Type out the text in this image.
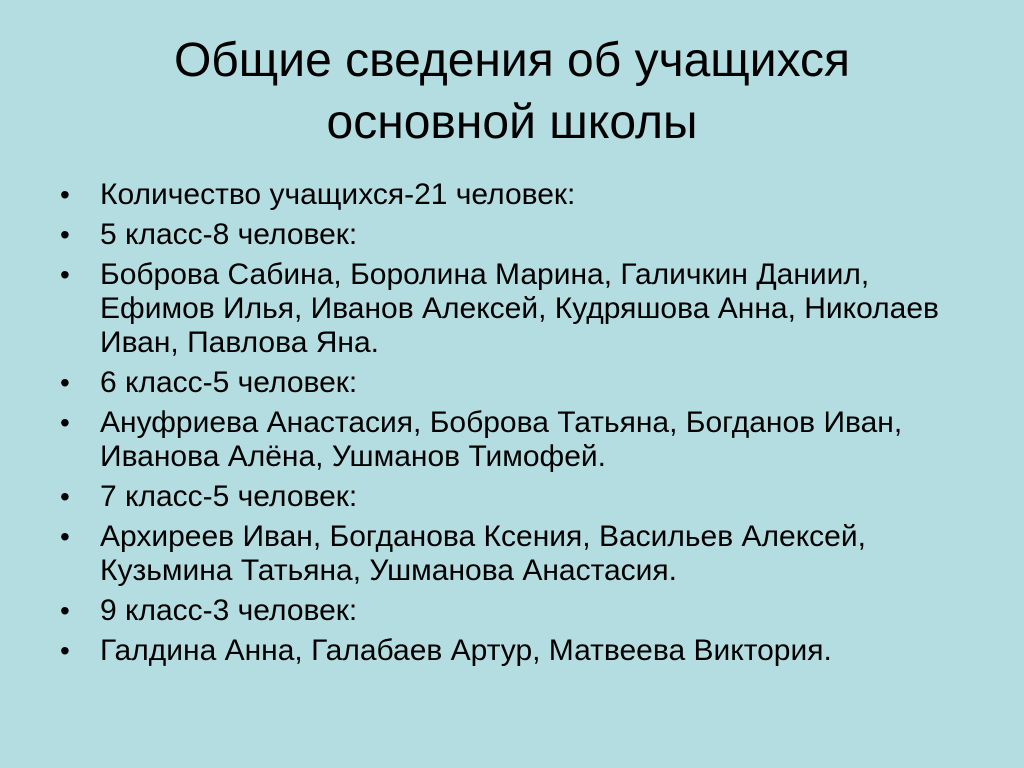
Общие сведения об учащихся
основной школы
• Количество учащихся-21 человек:
• 5 класс-8 человек:
• Боброва Сабина, Боролина Марина, Галичкин Даниил, Ефимов Илья, Иванов Алексей, Кудряшова Анна, Николаев Иван, Павлова Яна.
• 6 класс-5 человек:
• Ануфриева Анастасия, Боброва Татьяна, Богданов Иван, Иванова Алёна, Ушманов Тимофей.
• 7 класс-5 человек:
• Архиреев Иван, Богданова Ксения, Васильев Алексей, Кузьмина Татьяна, Ушманова Анастасия.
• 9 класс-3 человек:
• Галдина Анна, Галабаев Артур, Матвеева Виктория.
